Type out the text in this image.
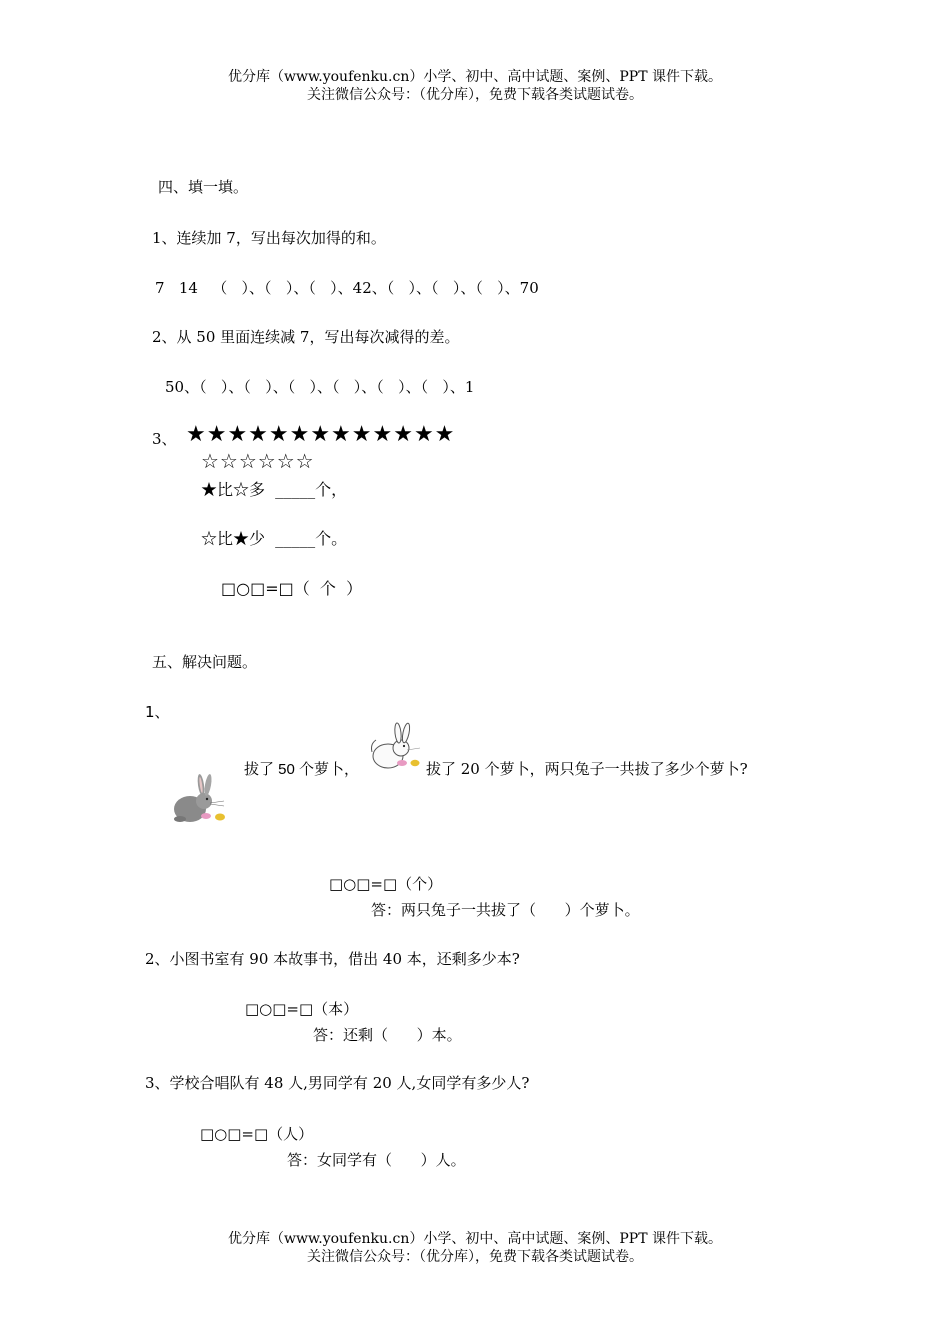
优分库（www.youfenku.cn）小学、初中、高中试题、案例、PPT 课件下载。
关注微信公众号：（优分库），免费下载各类试题试卷。
四、填一填。
1、连续加 7，写出每次加得的和。
7   14   （   ）、（   ）、（   ）、42、（   ）、（   ）、（   ）、70
2、从 50 里面连续减 7，写出每次减得的差。
50、（   ）、（   ）、（   ）、（   ）、（   ）、（   ）、1
3、 ★★★★★★★★★★★★★
☆☆☆☆☆☆
★比☆多  _____个，
☆比★少  _____个。
□○□=□（  个  ）
五、解决问题。
1、
拔了 50 个萝卜，	拔了 20 个萝卜，两只兔子一共拔了多少个萝卜?
□○□=□（个）
答：两只兔子一共拔了（      ）个萝卜。
2、小图书室有 90 本故事书，借出 40 本，还剩多少本?
□○□=□（本）
答：还剩（      ）本。
3、学校合唱队有 48 人,男同学有 20 人,女同学有多少人?
□○□=□（人）
答：女同学有（      ）人。
优分库（www.youfenku.cn）小学、初中、高中试题、案例、PPT 课件下载。
关注微信公众号：（优分库），免费下载各类试题试卷。
